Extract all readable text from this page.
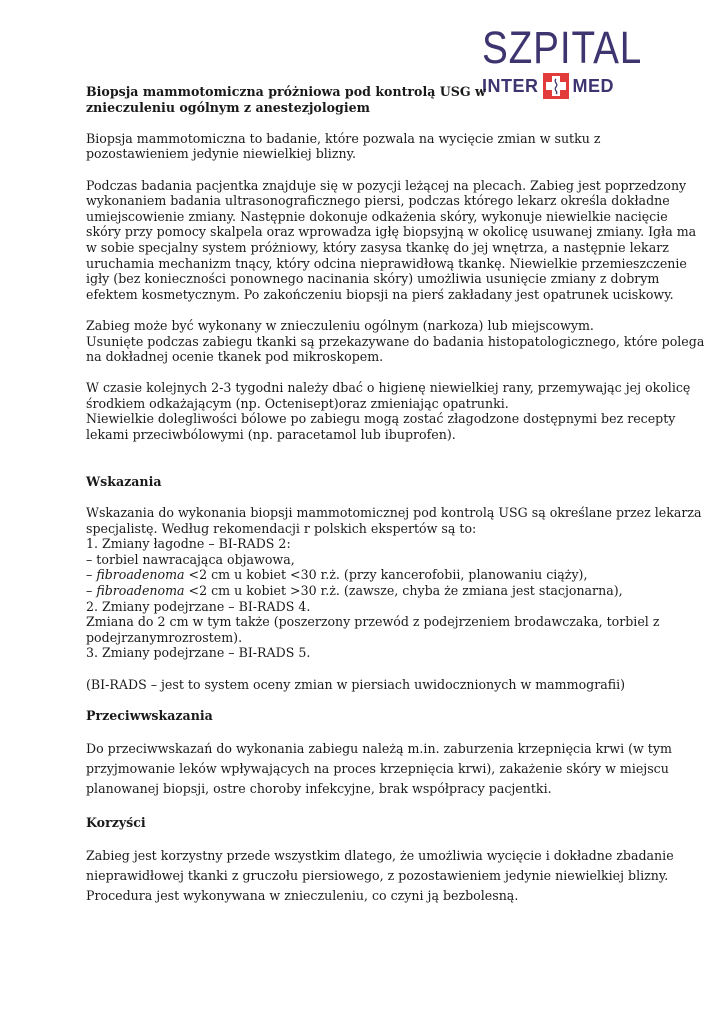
SZPITAL
INTER MED

Biopsja mammotomiczna próżniowa pod kontrolą USG w

znieczuleniu ogólnym z anestezjologiem

Biopsja mammotomiczna to badanie, które pozwala na wycięcie zmian w sutku z

pozostawieniem jedynie niewielkiej blizny.

Podczas badania pacjentka znajduje się w pozycji leżącej na plecach. Zabieg jest poprzedzony

wykonaniem badania ultrasonograficznego piersi, podczas którego lekarz określa dokładne

umiejscowienie zmiany. Następnie dokonuje odkażenia skóry, wykonuje niewielkie nacięcie

skóry przy pomocy skalpela oraz wprowadza igłę biopsyjną w okolicę usuwanej zmiany. Igła ma

w sobie specjalny system próżniowy, który zasysa tkankę do jej wnętrza, a następnie lekarz

uruchamia mechanizm tnący, który odcina nieprawidłową tkankę. Niewielkie przemieszczenie

igły (bez konieczności ponownego nacinania skóry) umożliwia usunięcie zmiany z dobrym

efektem kosmetycznym. Po zakończeniu biopsji na pierś zakładany jest opatrunek uciskowy.

Zabieg może być wykonany w znieczuleniu ogólnym (narkoza) lub miejscowym.

Usunięte podczas zabiegu tkanki są przekazywane do badania histopatologicznego, które polega

na dokładnej ocenie tkanek pod mikroskopem.

W czasie kolejnych 2-3 tygodni należy dbać o higienę niewielkiej rany, przemywając jej okolicę

środkiem odkażającym (np. Octenisept)oraz zmieniając opatrunki.

Niewielkie dolegliwości bólowe po zabiegu mogą zostać złagodzone dostępnymi bez recepty

lekami przeciwbólowymi (np. paracetamol lub ibuprofen).

Wskazania

Wskazania do wykonania biopsji mammotomicznej pod kontrolą USG są określane przez lekarza

specjalistę. Według rekomendacji r polskich ekspertów są to:

1. Zmiany łagodne – BI-RADS 2:

– torbiel nawracająca objawowa,

– fibroadenoma <2 cm u kobiet <30 r.ż. (przy kancerofobii, planowaniu ciąży),

– fibroadenoma <2 cm u kobiet >30 r.ż. (zawsze, chyba że zmiana jest stacjonarna),

2. Zmiany podejrzane – BI-RADS 4.

Zmiana do 2 cm w tym także (poszerzony przewód z podejrzeniem brodawczaka, torbiel z

podejrzanymrozrostem).

3. Zmiany podejrzane – BI-RADS 5.

(BI-RADS – jest to system oceny zmian w piersiach uwidocznionych w mammografii)

Przeciwwskazania

Do przeciwwskazań do wykonania zabiegu należą m.in. zaburzenia krzepnięcia krwi (w tym

przyjmowanie leków wpływających na proces krzepnięcia krwi), zakażenie skóry w miejscu

planowanej biopsji, ostre choroby infekcyjne, brak współpracy pacjentki.

Korzyści

Zabieg jest korzystny przede wszystkim dlatego, że umożliwia wycięcie i dokładne zbadanie

nieprawidłowej tkanki z gruczołu piersiowego, z pozostawieniem jedynie niewielkiej blizny.

Procedura jest wykonywana w znieczuleniu, co czyni ją bezbolesną.
